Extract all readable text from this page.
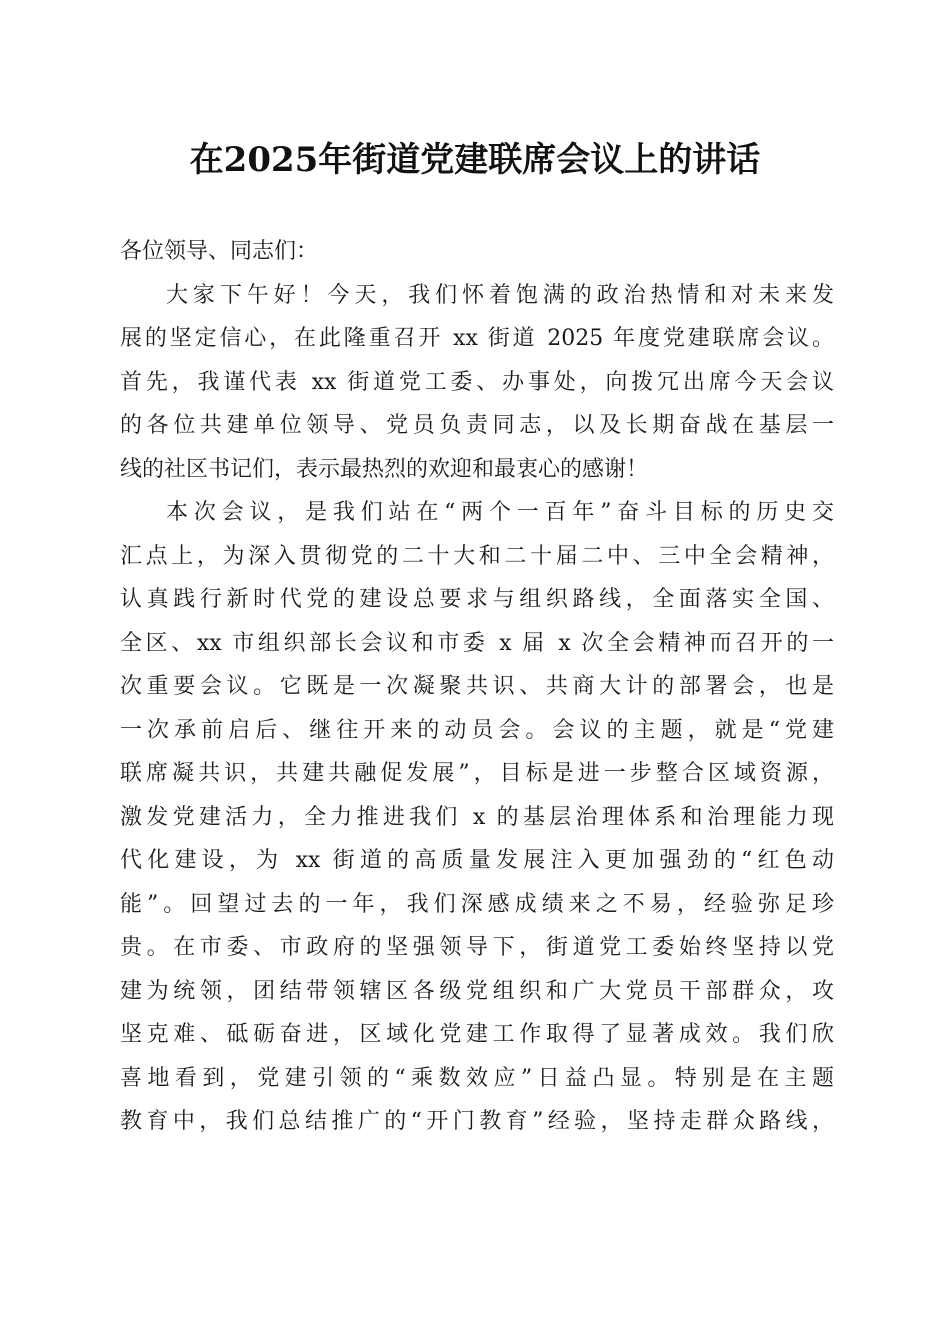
在2025年街道党建联席会议上的讲话
各位领导、同志们：
大家下午好！今天，我们怀着饱满的政治热情和对未来发
展的坚定信心，在此隆重召开 xx 街道 2025 年度党建联席会议。
首先，我谨代表 xx 街道党工委、办事处，向拨冗出席今天会议
的各位共建单位领导、党员负责同志，以及长期奋战在基层一
线的社区书记们，表示最热烈的欢迎和最衷心的感谢！
本次会议，是我们站在“两个一百年”奋斗目标的历史交
汇点上，为深入贯彻党的二十大和二十届二中、三中全会精神，
认真践行新时代党的建设总要求与组织路线，全面落实全国、
全区、xx 市组织部长会议和市委 x 届 x 次全会精神而召开的一
次重要会议。它既是一次凝聚共识、共商大计的部署会，也是
一次承前启后、继往开来的动员会。会议的主题，就是“党建
联席凝共识，共建共融促发展”，目标是进一步整合区域资源，
激发党建活力，全力推进我们 x 的基层治理体系和治理能力现
代化建设，为 xx 街道的高质量发展注入更加强劲的“红色动
能”。回望过去的一年，我们深感成绩来之不易，经验弥足珍
贵。在市委、市政府的坚强领导下，街道党工委始终坚持以党
建为统领，团结带领辖区各级党组织和广大党员干部群众，攻
坚克难、砥砺奋进，区域化党建工作取得了显著成效。我们欣
喜地看到，党建引领的“乘数效应”日益凸显。特别是在主题
教育中，我们总结推广的“开门教育”经验，坚持走群众路线，
